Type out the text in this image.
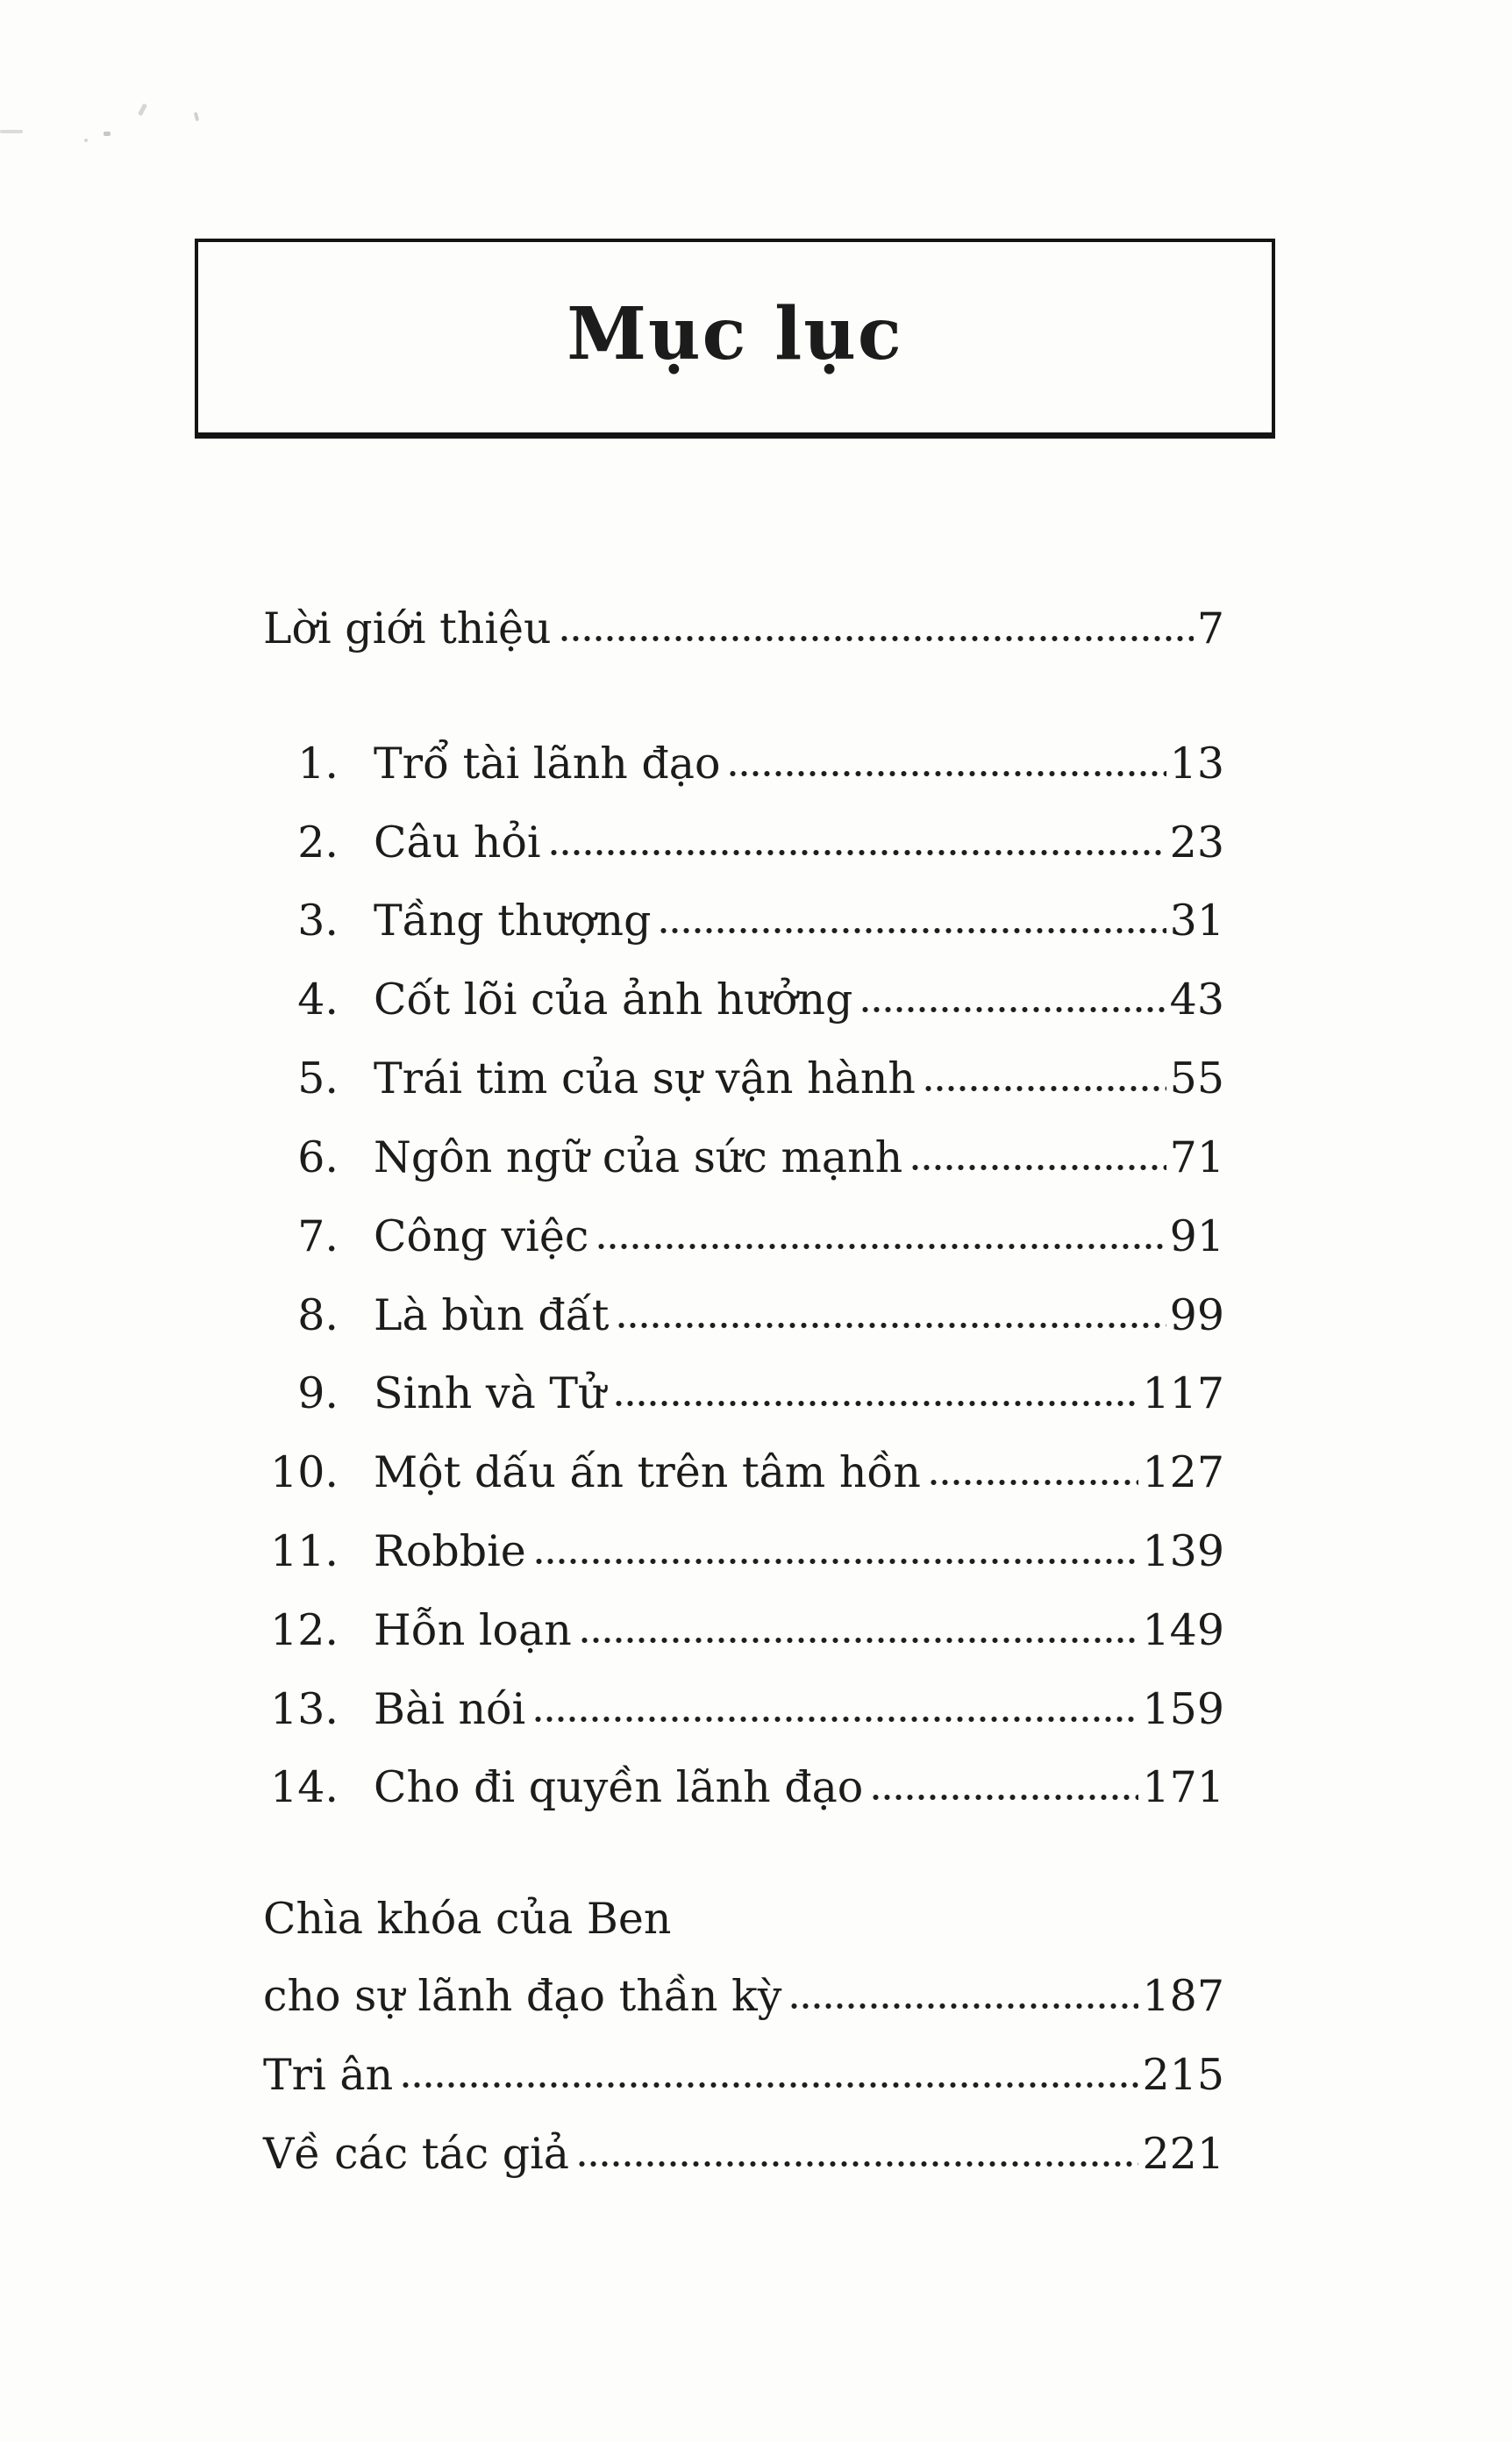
Mục lục
Lời giới thiệu	7
1. Trổ tài lãnh đạo	13
2. Câu hỏi	23
3. Tầng thượng	31
4. Cốt lõi của ảnh hưởng	43
5. Trái tim của sự vận hành	55
6. Ngôn ngữ của sức mạnh	71
7. Công việc	91
8. Là bùn đất	99
9. Sinh và Tử	117
10. Một dấu ấn trên tâm hồn	127
11. Robbie	139
12. Hỗn loạn	149
13. Bài nói	159
14. Cho đi quyền lãnh đạo	171
Chìa khóa của Ben
cho sự lãnh đạo thần kỳ	187
Tri ân	215
Về các tác giả	221
